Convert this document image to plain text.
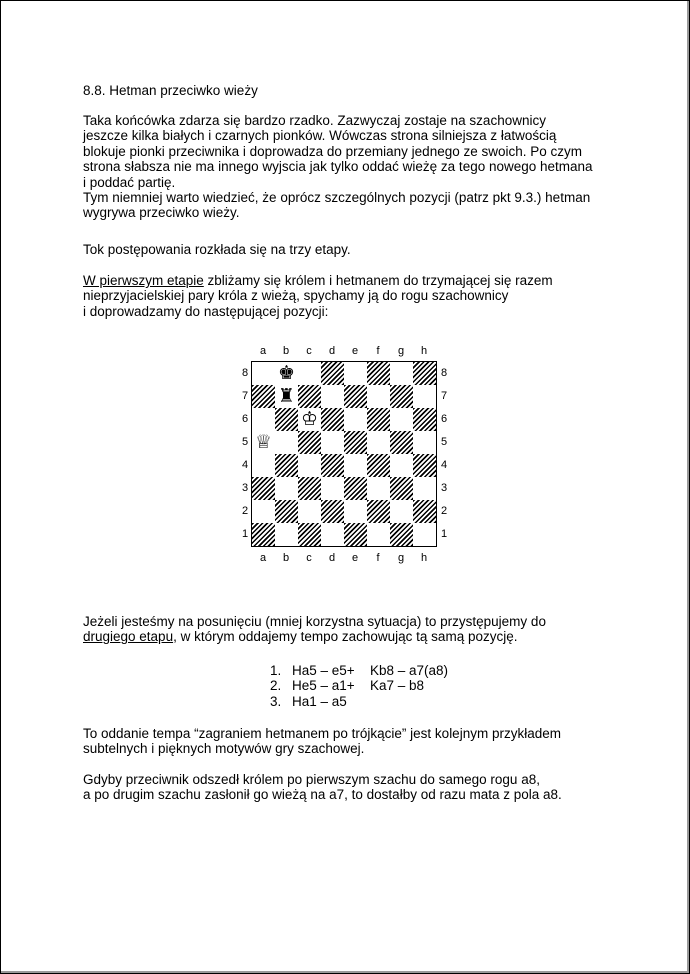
8.8. Hetman przeciwko wieży

Taka końcówka zdarza się bardzo rzadko. Zazwyczaj zostaje na szachownicy
jeszcze kilka białych i czarnych pionków. Wówczas strona silniejsza z łatwością
blokuje pionki przeciwnika i doprowadza do przemiany jednego ze swoich. Po czym
strona słabsza nie ma innego wyjscia jak tylko oddać wieżę za tego nowego hetmana
i poddać partię.
Tym niemniej warto wiedzieć, że oprócz szczególnych pozycji (patrz pkt 9.3.) hetman
wygrywa przeciwko wieży.

Tok postępowania rozkłada się na trzy etapy.

W pierwszym etapie zbliżamy się królem i hetmanem do trzymającej się razem
nieprzyjacielskiej pary króla z wieżą, spychamy ją do rogu szachownicy
i doprowadzamy do następującej pozycji:

♚
♜
♔
♕
a
a
b
b
c
c
d
d
e
e
f
f
g
g
h
h
8	8
7	7
6	6
5	5
4	4
3	3
2	2
1	1

Jeżeli jesteśmy na posunięciu (mniej korzystna sytuacja) to przystępujemy do
drugiego etapu, w którym oddajemy tempo zachowując tą samą pozycję.

1. Ha5 – e5+	Kb8 – a7(a8)
2. He5 – a1+	Ka7 – b8
3. Ha1 – a5

To oddanie tempa “zagraniem hetmanem po trójkącie” jest kolejnym przykładem
subtelnych i pięknych motywów gry szachowej.

Gdyby przeciwnik odszedł królem po pierwszym szachu do samego rogu a8,
a po drugim szachu zasłonił go wieżą na a7, to dostałby od razu mata z pola a8.
